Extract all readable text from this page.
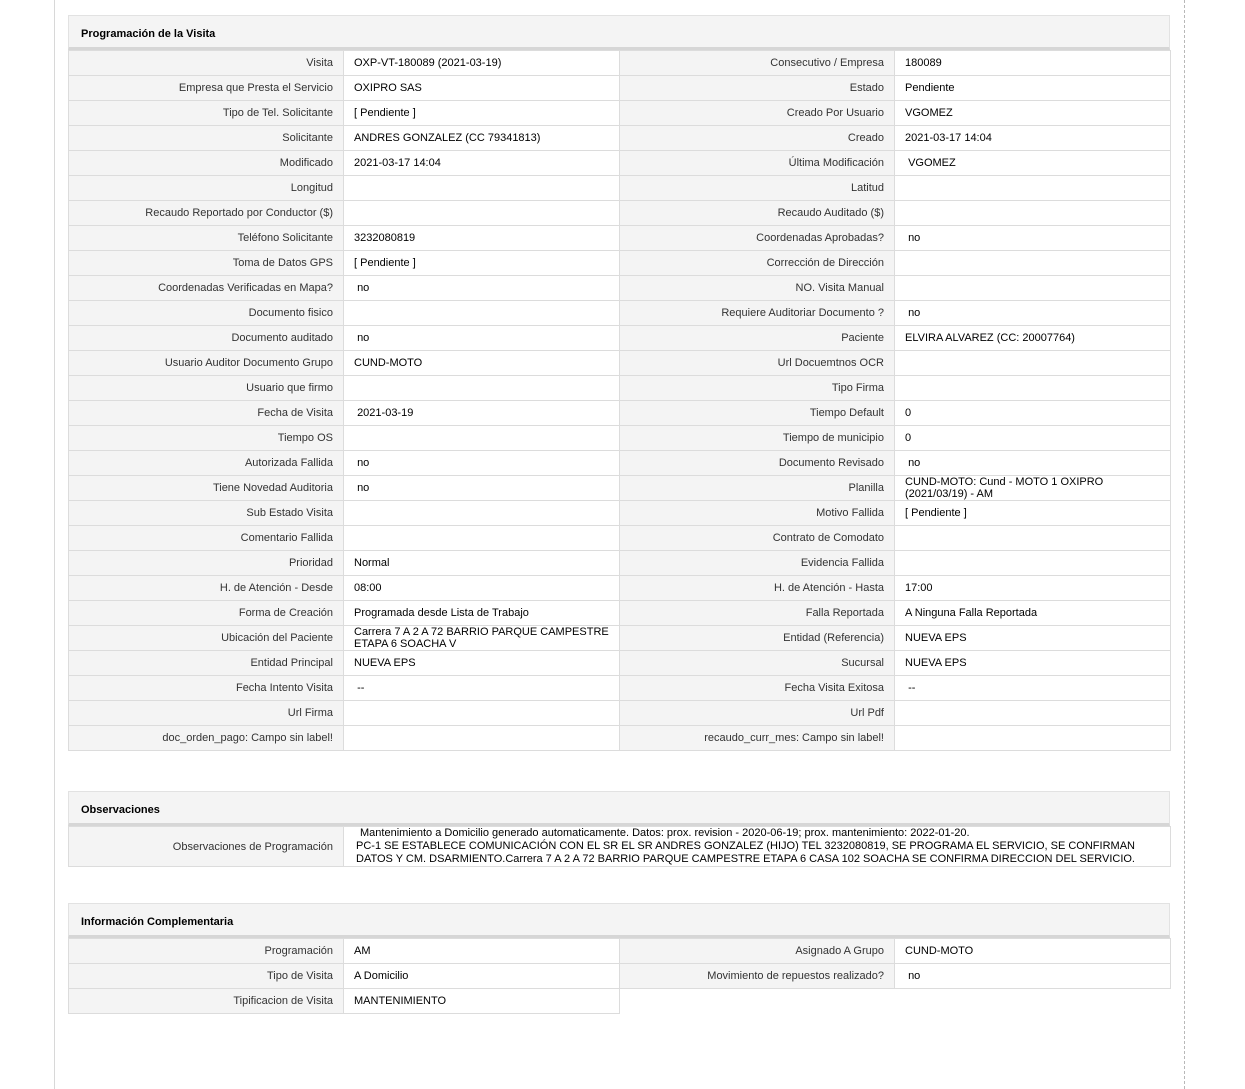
Programación de la Visita
Visita	OXP-VT-180089 (2021-03-19)	Consecutivo / Empresa	180089
Empresa que Presta el Servicio	OXIPRO SAS	Estado	Pendiente
Tipo de Tel. Solicitante	[ Pendiente ]	Creado Por Usuario	VGOMEZ
Solicitante	ANDRES GONZALEZ (CC 79341813)	Creado	2021-03-17 14:04
Modificado	2021-03-17 14:04	Última Modificación	VGOMEZ
Longitud		Latitud	
Recaudo Reportado por Conductor ($)		Recaudo Auditado ($)	
Teléfono Solicitante	3232080819	Coordenadas Aprobadas?	no
Toma de Datos GPS	[ Pendiente ]	Corrección de Dirección	
Coordenadas Verificadas en Mapa?	no	NO. Visita Manual	
Documento fisico		Requiere Auditoriar Documento ?	no
Documento auditado	no	Paciente	ELVIRA ALVAREZ (CC: 20007764)
Usuario Auditor Documento Grupo	CUND-MOTO	Url Docuemtnos OCR	
Usuario que firmo		Tipo Firma	
Fecha de Visita	2021-03-19	Tiempo Default	0
Tiempo OS		Tiempo de municipio	0
Autorizada Fallida	no	Documento Revisado	no
Tiene Novedad Auditoria	no	Planilla	CUND-MOTO: Cund - MOTO 1 OXIPRO (2021/03/19) - AM
Sub Estado Visita		Motivo Fallida	[ Pendiente ]
Comentario Fallida		Contrato de Comodato	
Prioridad	Normal	Evidencia Fallida	
H. de Atención - Desde	08:00	H. de Atención - Hasta	17:00
Forma de Creación	Programada desde Lista de Trabajo	Falla Reportada	A Ninguna Falla Reportada
Ubicación del Paciente	Carrera 7 A 2 A 72 BARRIO PARQUE CAMPESTRE ETAPA 6 SOACHA V	Entidad (Referencia)	NUEVA EPS
Entidad Principal	NUEVA EPS	Sucursal	NUEVA EPS
Fecha Intento Visita	--	Fecha Visita Exitosa	--
Url Firma		Url Pdf	
doc_orden_pago: Campo sin label!		recaudo_curr_mes: Campo sin label!	
Observaciones
Observaciones de Programación	
Mantenimiento a Domicilio generado automaticamente. Datos: prox. revision - 2020-06-19; prox. mantenimiento: 2022-01-20.
PC-1 SE ESTABLECE COMUNICACIÓN CON EL SR EL SR ANDRES GONZALEZ (HIJO) TEL 3232080819, SE PROGRAMA EL SERVICIO, SE CONFIRMAN DATOS Y CM. DSARMIENTO.Carrera 7 A 2 A 72 BARRIO PARQUE CAMPESTRE ETAPA 6 CASA 102 SOACHA SE CONFIRMA DIRECCION DEL SERVICIO.
Información Complementaria
Programación	AM	Asignado A Grupo	CUND-MOTO
Tipo de Visita	A Domicilio	Movimiento de repuestos realizado?	no
Tipificacion de Visita	MANTENIMIENTO		
